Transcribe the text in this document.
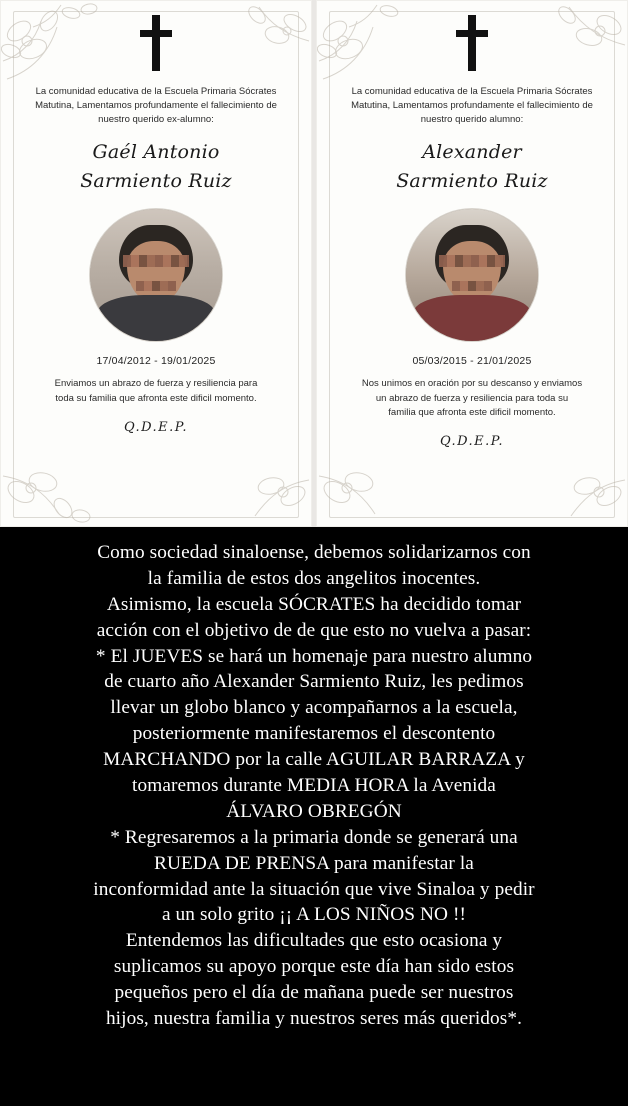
La comunidad educativa de la Escuela Primaria Sócrates Matutina, Lamentamos profundamente el fallecimiento de nuestro querido ex-alumno:
Gaél Antonio
Sarmiento Ruiz
17/04/2012 - 19/01/2025
Enviamos un abrazo de fuerza y resiliencia para toda su familia que afronta este dificil momento.
Q.D.E.P.
La comunidad educativa de la Escuela Primaria Sócrates Matutina, Lamentamos profundamente el fallecimiento de nuestro querido alumno:
Alexander
Sarmiento Ruiz
05/03/2015 - 21/01/2025
Nos unimos en oración por su descanso y enviamos un abrazo de fuerza y resiliencia para toda su familia que afronta este dificil momento.
Q.D.E.P.

Como sociedad sinaloense, debemos solidarizarnos con

la familia de estos dos angelitos inocentes.

Asimismo, la escuela SÓCRATES ha decidido tomar

acción con el objetivo de de que esto no vuelva a pasar:

* El JUEVES se hará un homenaje para nuestro alumno

de cuarto año Alexander Sarmiento Ruiz, les pedimos

llevar un globo blanco y acompañarnos a la escuela,

posteriormente manifestaremos el descontento

MARCHANDO por la calle AGUILAR BARRAZA y

tomaremos durante MEDIA HORA la Avenida

ÁLVARO OBREGÓN

* Regresaremos a la primaria donde se generará una

RUEDA DE PRENSA para manifestar la

inconformidad ante la situación que vive Sinaloa y pedir

a un solo grito ¡¡ A LOS NIÑOS NO !!

Entendemos las dificultades que esto ocasiona y

suplicamos su apoyo porque este día han sido estos

pequeños pero el día de mañana puede ser nuestros

hijos, nuestra familia y nuestros seres más queridos*.
